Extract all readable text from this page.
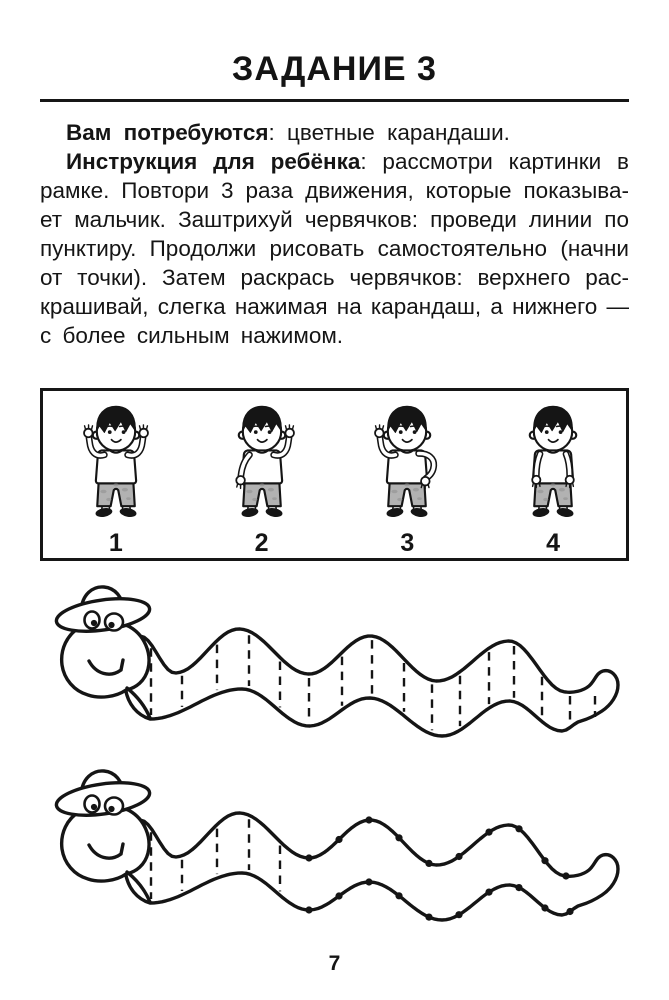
ЗАДАНИЕ 3
Вам потребуются: цветные карандаши.
Инструкция для ребёнка: рассмотри картинки в
рамке. Повтори 3 раза движения, которые показыва-
ет мальчик. Заштрихуй червячков: проведи линии по
пунктиру. Продолжи рисовать самостоятельно (начни
от точки). Затем раскрась червячков: верхнего рас-
крашивай, слегка нажимая на карандаш, а нижнего —
с более сильным нажимом.
1	2	3	4
7
